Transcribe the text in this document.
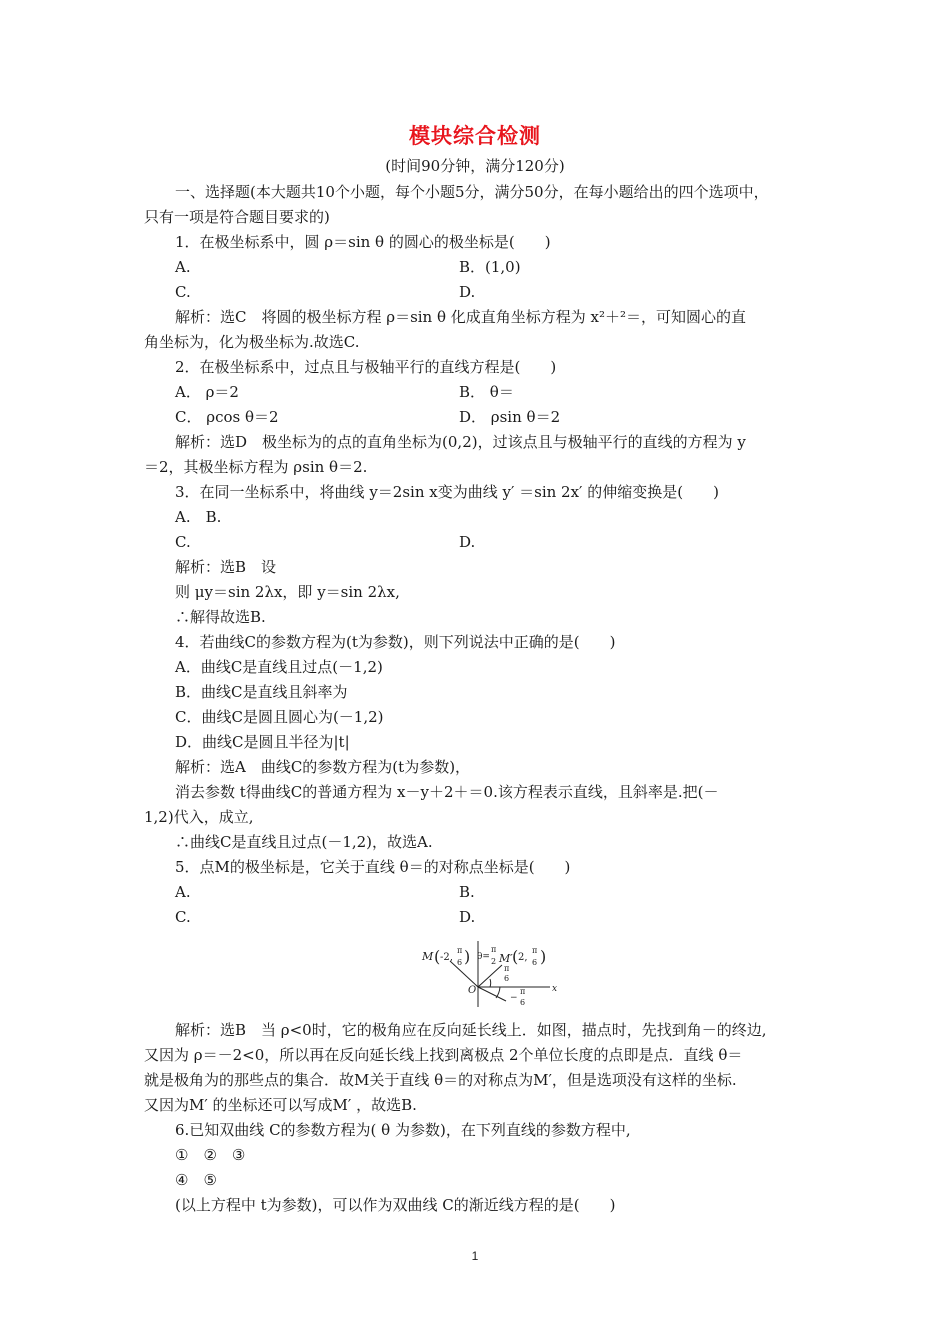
模块综合检测
(时间90分钟，满分120分)
一、选择题(本大题共10个小题，每个小题5分，满分50分，在每小题给出的四个选项中，
只有一项是符合题目要求的)
1．在极坐标系中，圆 ρ＝sin θ 的圆心的极坐标是(　　)
A.	B．(1,0)
C.	D.
解析：选C　将圆的极坐标方程 ρ＝sin θ 化成直角坐标方程为 x²＋²＝，可知圆心的直
角坐标为，化为极坐标为.故选C.
2．在极坐标系中，过点且与极轴平行的直线方程是(　　)
A． ρ＝2	B． θ＝
C． ρcos θ＝2	D． ρsin θ＝2
解析：选D　极坐标为的点的直角坐标为(0,2)，过该点且与极轴平行的直线的方程为 y
＝2，其极坐标方程为 ρsin θ＝2.
3．在同一坐标系中，将曲线 y＝2sin x变为曲线 y′ ＝sin 2x′ 的伸缩变换是(　　)
A.　B.
C.	D.
解析：选B　设
则 μy＝sin 2λx，即 y＝sin 2λx,
∴解得故选B.
4．若曲线C的参数方程为(t为参数)，则下列说法中正确的是(　　)
A．曲线C是直线且过点(－1,2)
B．曲线C是直线且斜率为
C．曲线C是圆且圆心为(－1,2)
D．曲线C是圆且半径为|t|
解析：选A　曲线C的参数方程为(t为参数)，
消去参数 t得曲线C的普通方程为 x－y＋2＋＝0.该方程表示直线，且斜率是.把(－
1,2)代入，成立,
∴曲线C是直线且过点(－1,2)，故选A.
5．点M的极坐标是，它关于直线 θ＝的对称点坐标是(　　)
A.	B.
C.	D.
M ( -2,
π
6 ) θ=
π
2 M′ ( 2,
π
6 )
π
6
O
−
π
6
x
解析：选B　当 ρ<0时，它的极角应在反向延长线上．如图，描点时，先找到角－的终边,
又因为 ρ＝－2<0，所以再在反向延长线上找到离极点 2个单位长度的点即是点．直线 θ＝
就是极角为的那些点的集合．故M关于直线 θ＝的对称点为M′，但是选项没有这样的坐标.
又因为M′ 的坐标还可以写成M′ ，故选B.
6.已知双曲线 C的参数方程为( θ 为参数)，在下列直线的参数方程中,
①　②　③
④　⑤
(以上方程中 t为参数)，可以作为双曲线 C的渐近线方程的是(　　)
1
